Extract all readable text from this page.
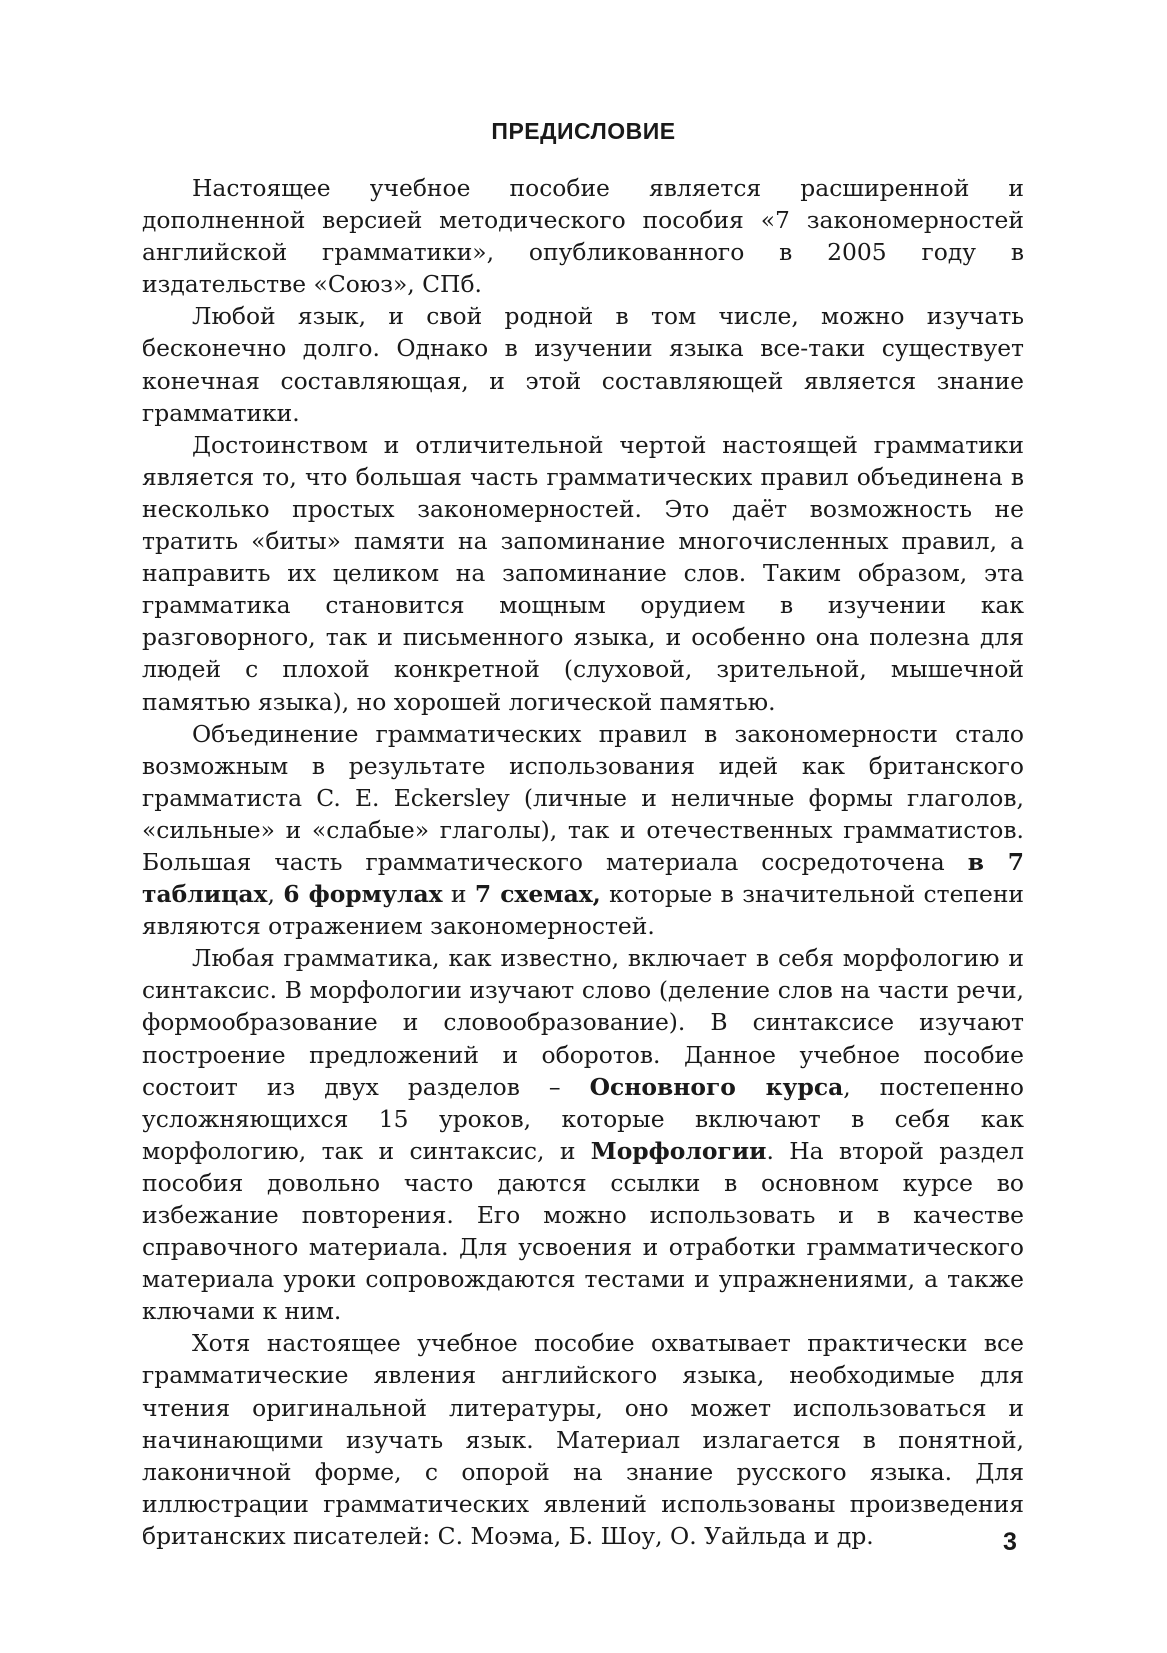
ПРЕДИСЛОВИЕ

Настоящее учебное пособие является расширенной и дополненной версией методического пособия «7 закономерностей английской грамматики», опубликованного в 2005 году в издательстве «Союз», СПб.

Любой язык, и свой родной в том числе, можно изучать бесконечно долго. Однако в изучении языка все-таки существует конечная составляющая, и этой составляющей является знание грамматики.

Достоинством и отличительной чертой настоящей грамматики является то, что большая часть грамматических правил объединена в несколько простых закономерностей. Это даёт возможность не тратить «биты» памяти на запоминание многочисленных правил, а направить их целиком на запоминание слов. Таким образом, эта грамматика становится мощным орудием в изучении как разговорного, так и письменного языка, и особенно она полезна для людей с плохой конкретной (слуховой, зрительной, мышечной памятью языка), но хорошей логической памятью.

Объединение грамматических правил в закономерности стало возможным в результате использования идей как британского грамматиста C. E. Eckersley (личные и неличные формы глаголов, «сильные» и «слабые» глаголы), так и отечественных грамматистов. Большая часть грамматического материала сосредоточена в 7 таблицах, 6 формулах и 7 схемах, которые в значительной степени являются отражением закономерностей.

Любая грамматика, как известно, включает в себя морфологию и синтаксис. В морфологии изучают слово (деление слов на части речи, формообразование и словообразование). В синтаксисе изучают построение предложений и оборотов. Данное учебное пособие состоит из двух разделов – Основного курса, постепенно усложняющихся 15 уроков, которые включают в себя как морфологию, так и синтаксис, и Морфологии. На второй раздел пособия довольно часто даются ссылки в основном курсе во избежание повторения. Его можно использовать и в качестве справочного материала. Для усвоения и отработки грамматического материала уроки сопровождаются тестами и упражнениями, а также ключами к ним.

Хотя настоящее учебное пособие охватывает практически все грамматические явления английского языка, необходимые для чтения оригинальной литературы, оно может использоваться и начинающими изучать язык. Материал излагается в понятной, лаконичной форме, с опорой на знание русского языка. Для иллюстрации грамматических явлений использованы произведения британских писателей: С. Моэма, Б. Шоу, О. Уайльда и др.	3
